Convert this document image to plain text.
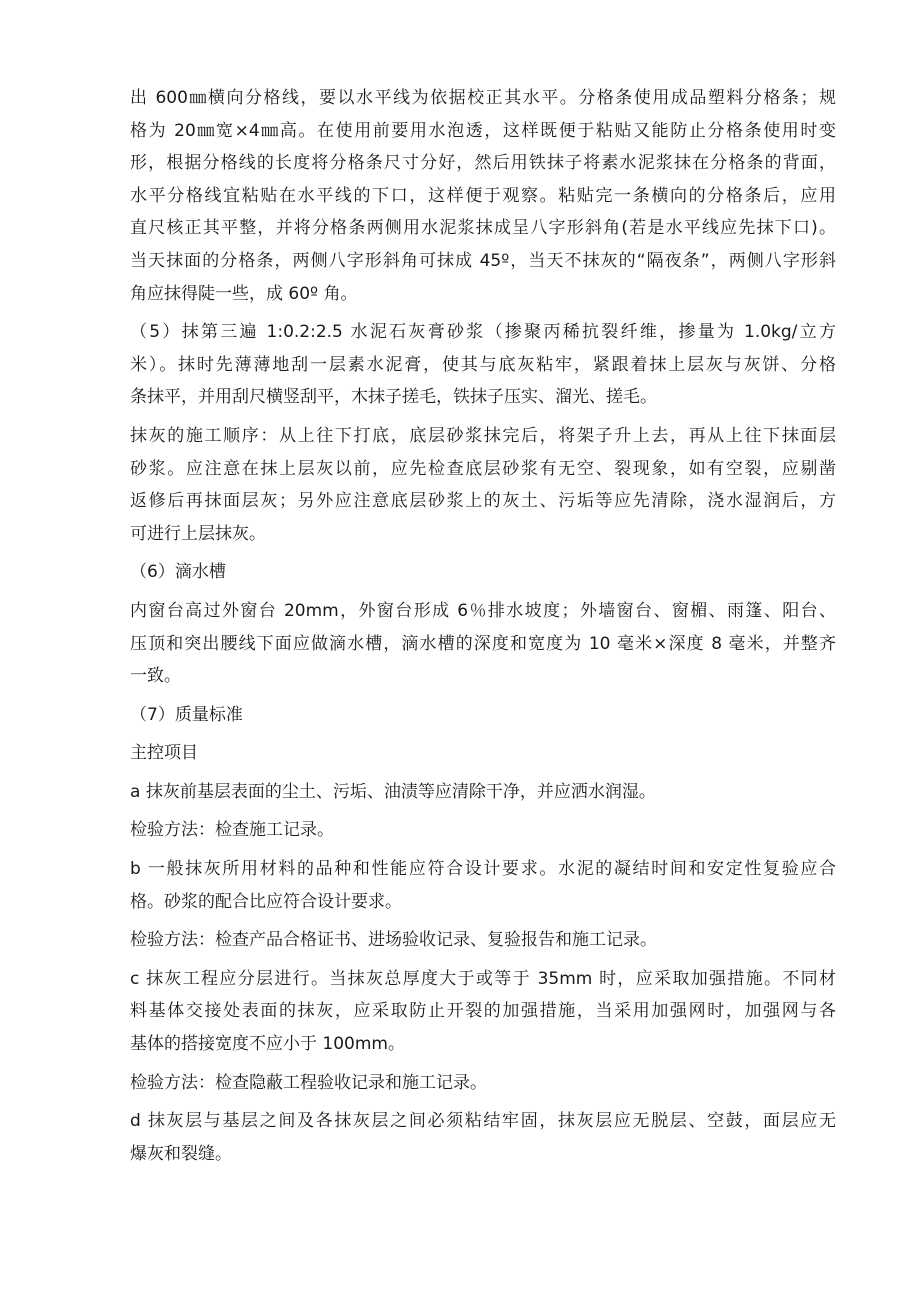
出 600㎜横向分格线，要以水平线为依据校正其水平。分格条使用成品塑料分格条；规
格为 20㎜宽×4㎜高。在使用前要用水泡透，这样既便于粘贴又能防止分格条使用时变
形，根据分格线的长度将分格条尺寸分好，然后用铁抹子将素水泥浆抹在分格条的背面，
水平分格线宜粘贴在水平线的下口，这样便于观察。粘贴完一条横向的分格条后，应用
直尺核正其平整，并将分格条两侧用水泥浆抹成呈八字形斜角(若是水平线应先抹下口)。
当天抹面的分格条，两侧八字形斜角可抹成 45º，当天不抹灰的“隔夜条”，两侧八字形斜
角应抹得陡一些，成 60º 角。
（5）抹第三遍 1:0.2:2.5 水泥石灰膏砂浆（掺聚丙稀抗裂纤维，掺量为 1.0kg/立方
米）。抹时先薄薄地刮一层素水泥膏，使其与底灰粘牢，紧跟着抹上层灰与灰饼、分格
条抹平，并用刮尺横竖刮平，木抹子搓毛，铁抹子压实、溜光、搓毛。
抹灰的施工顺序：从上往下打底，底层砂浆抹完后，将架子升上去，再从上往下抹面层
砂浆。应注意在抹上层灰以前，应先检查底层砂浆有无空、裂现象，如有空裂，应剔凿
返修后再抹面层灰；另外应注意底层砂浆上的灰土、污垢等应先清除，浇水湿润后，方
可进行上层抹灰。
（6）滴水槽
内窗台高过外窗台 20mm，外窗台形成 6％排水坡度；外墙窗台、窗楣、雨篷、阳台、
压顶和突出腰线下面应做滴水槽，滴水槽的深度和宽度为 10 毫米×深度 8 毫米，并整齐
一致。
（7）质量标准
主控项目
a 抹灰前基层表面的尘土、污垢、油渍等应清除干净，并应洒水润湿。
检验方法：检查施工记录。
b 一般抹灰所用材料的品种和性能应符合设计要求。水泥的凝结时间和安定性复验应合
格。砂浆的配合比应符合设计要求。
检验方法：检查产品合格证书、进场验收记录、复验报告和施工记录。
c 抹灰工程应分层进行。当抹灰总厚度大于或等于 35mm 时，应采取加强措施。不同材
料基体交接处表面的抹灰，应采取防止开裂的加强措施，当采用加强网时，加强网与各
基体的搭接宽度不应小于 100mm。
检验方法：检查隐蔽工程验收记录和施工记录。
d 抹灰层与基层之间及各抹灰层之间必须粘结牢固，抹灰层应无脱层、空鼓，面层应无
爆灰和裂缝。
